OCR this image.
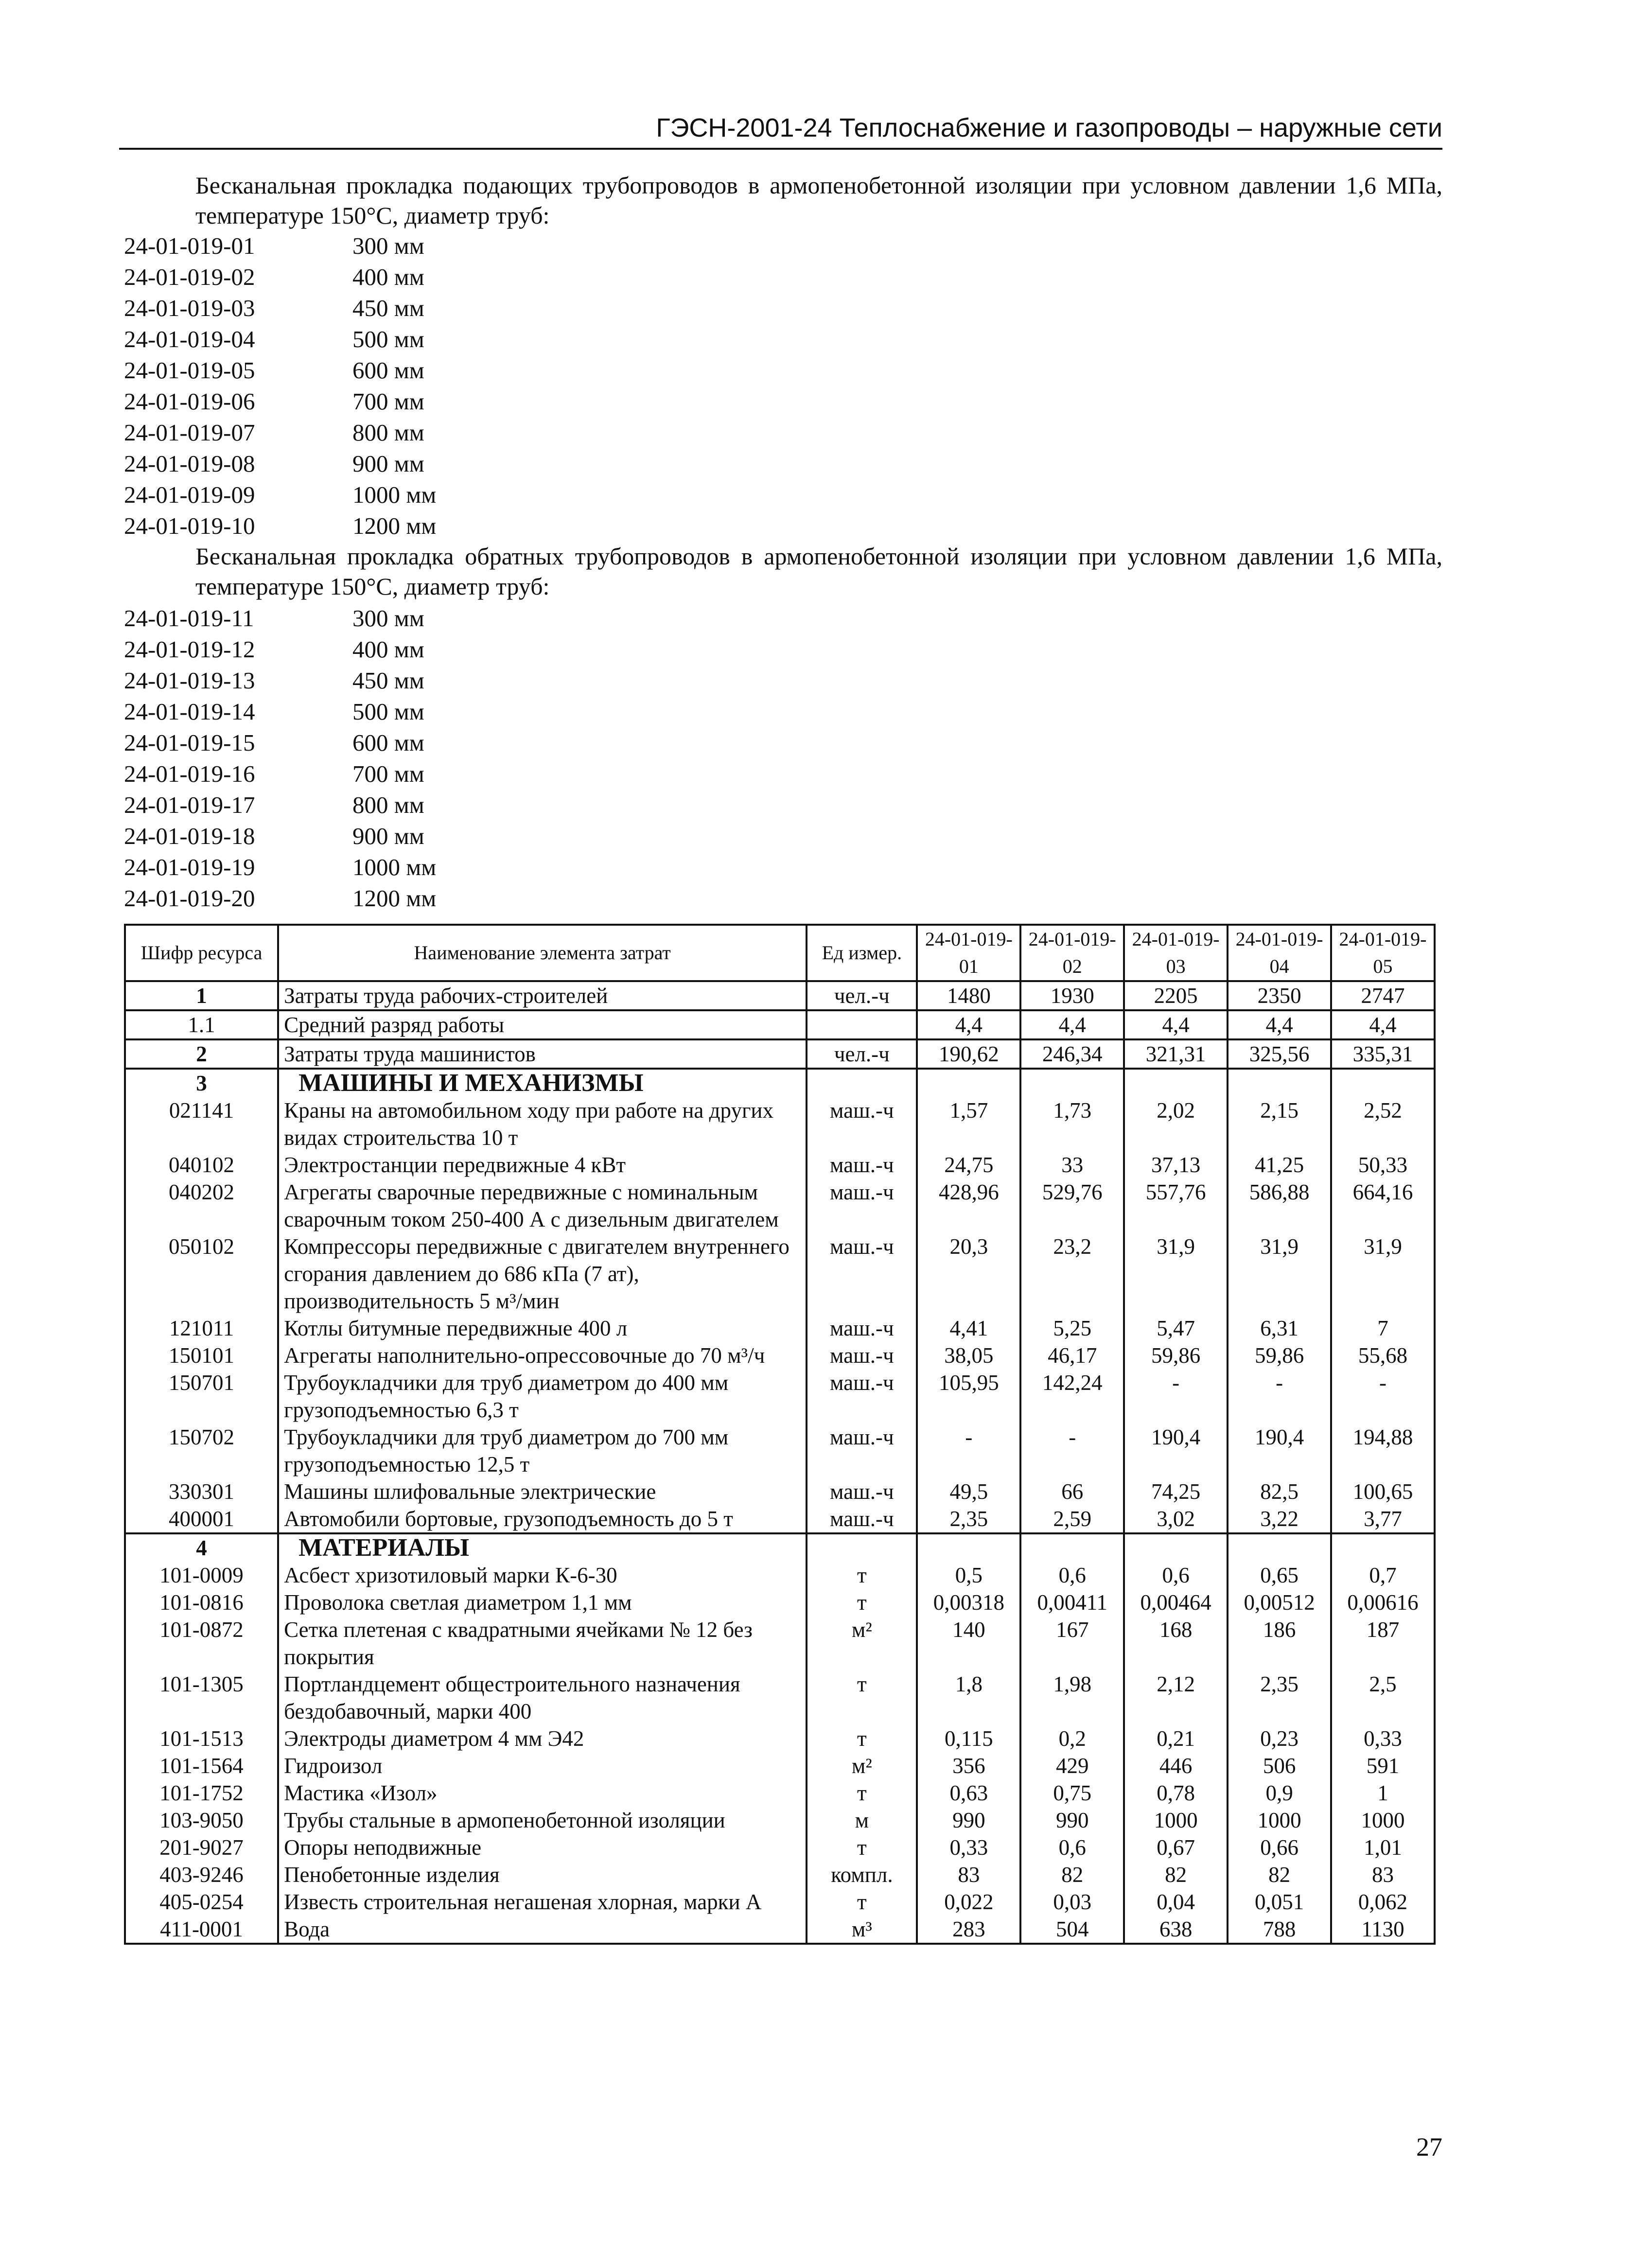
ГЭСН-2001-24 Теплоснабжение и газопроводы – наружные сети
Бесканальная прокладка подающих трубопроводов в армопенобетонной изоляции при условном давлении 1,6 МПа, температуре 150°С, диаметр труб:
24-01-019-01	300 мм
24-01-019-02	400 мм
24-01-019-03	450 мм
24-01-019-04	500 мм
24-01-019-05	600 мм
24-01-019-06	700 мм
24-01-019-07	800 мм
24-01-019-08	900 мм
24-01-019-09	1000 мм
24-01-019-10	1200 мм
Бесканальная прокладка обратных трубопроводов в армопенобетонной изоляции при условном давлении 1,6 МПа, температуре 150°С, диаметр труб:
24-01-019-11	300 мм
24-01-019-12	400 мм
24-01-019-13	450 мм
24-01-019-14	500 мм
24-01-019-15	600 мм
24-01-019-16	700 мм
24-01-019-17	800 мм
24-01-019-18	900 мм
24-01-019-19	1000 мм
24-01-019-20	1200 мм
Шифр ресурса	Наименование элемента затрат	Ед измер.	24-01-019-01	24-01-019-02	24-01-019-03	24-01-019-04	24-01-019-05
1	Затраты труда рабочих-строителей	чел.-ч	1480	1930	2205	2350	2747
1.1	Средний разряд работы		4,4	4,4	4,4	4,4	4,4
2	Затраты труда машинистов	чел.-ч	190,62	246,34	321,31	325,56	335,31
3	МАШИНЫ И МЕХАНИЗМЫ						
021141	Краны на автомобильном ходу при работе на других видах строительства 10 т	маш.-ч	1,57	1,73	2,02	2,15	2,52
040102	Электростанции передвижные 4 кВт	маш.-ч	24,75	33	37,13	41,25	50,33
040202	Агрегаты сварочные передвижные с номинальным сварочным током 250-400 А с дизельным двигателем	маш.-ч	428,96	529,76	557,76	586,88	664,16
050102	Компрессоры передвижные с двигателем внутреннего сгорания давлением до 686 кПа (7 ат), производительность 5 м³/мин	маш.-ч	20,3	23,2	31,9	31,9	31,9
121011	Котлы битумные передвижные 400 л	маш.-ч	4,41	5,25	5,47	6,31	7
150101	Агрегаты наполнительно-опрессовочные до 70 м³/ч	маш.-ч	38,05	46,17	59,86	59,86	55,68
150701	Трубоукладчики для труб диаметром до 400 мм грузоподъемностью 6,3 т	маш.-ч	105,95	142,24	-	-	-
150702	Трубоукладчики для труб диаметром до 700 мм грузоподъемностью 12,5 т	маш.-ч	-	-	190,4	190,4	194,88
330301	Машины шлифовальные электрические	маш.-ч	49,5	66	74,25	82,5	100,65
400001	Автомобили бортовые, грузоподъемность до 5 т	маш.-ч	2,35	2,59	3,02	3,22	3,77
4	МАТЕРИАЛЫ						
101-0009	Асбест хризотиловый марки К-6-30	т	0,5	0,6	0,6	0,65	0,7
101-0816	Проволока светлая диаметром 1,1 мм	т	0,00318	0,00411	0,00464	0,00512	0,00616
101-0872	Сетка плетеная с квадратными ячейками № 12 без покрытия	м²	140	167	168	186	187
101-1305	Портландцемент общестроительного назначения бездобавочный, марки 400	т	1,8	1,98	2,12	2,35	2,5
101-1513	Электроды диаметром 4 мм Э42	т	0,115	0,2	0,21	0,23	0,33
101-1564	Гидроизол	м²	356	429	446	506	591
101-1752	Мастика «Изол»	т	0,63	0,75	0,78	0,9	1
103-9050	Трубы стальные в армопенобетонной изоляции	м	990	990	1000	1000	1000
201-9027	Опоры неподвижные	т	0,33	0,6	0,67	0,66	1,01
403-9246	Пенобетонные изделия	компл.	83	82	82	82	83
405-0254	Известь строительная негашеная хлорная, марки А	т	0,022	0,03	0,04	0,051	0,062
411-0001	Вода	м³	283	504	638	788	1130
27
